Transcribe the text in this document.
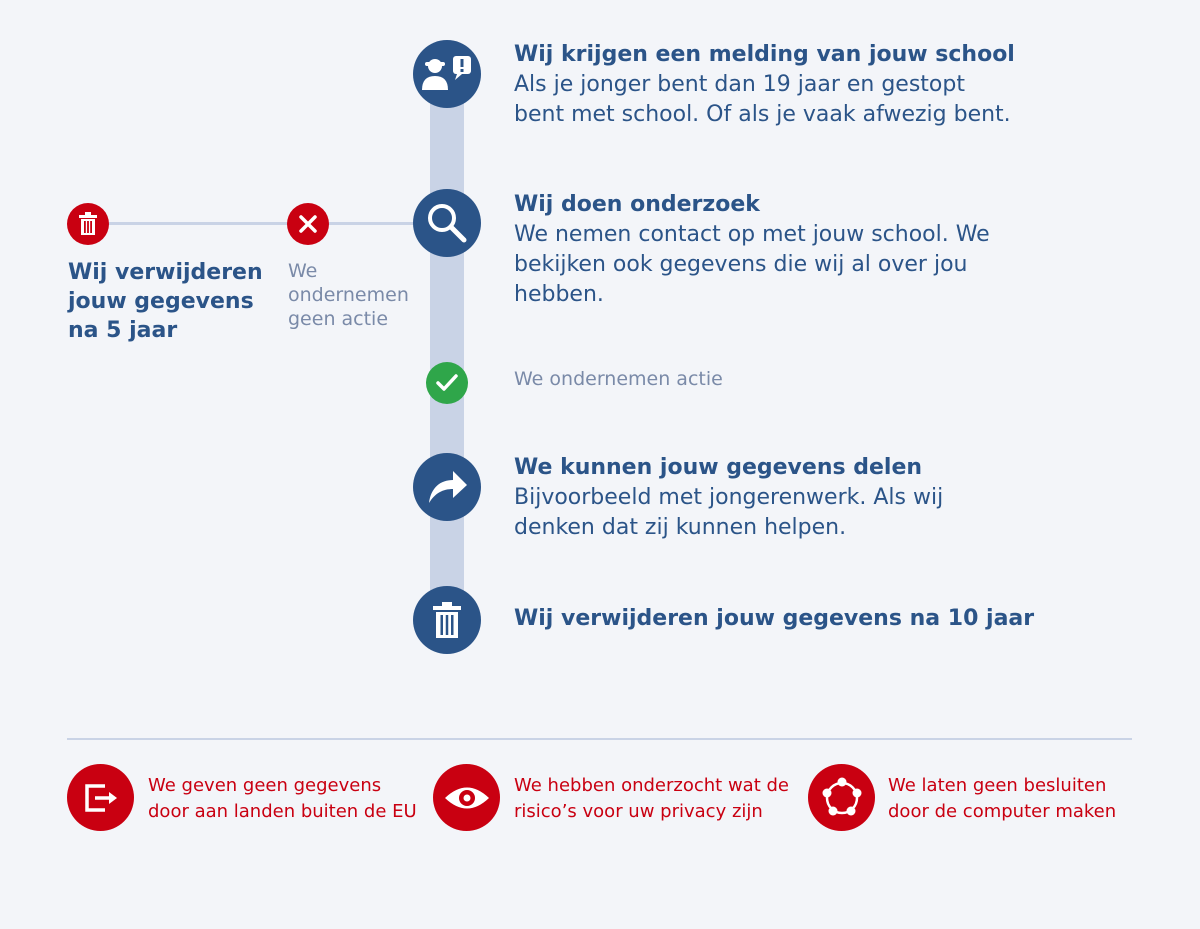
Wij krijgen een melding van jouw school
Als je jonger bent dan 19 jaar en gestopt
bent met school. Of als je vaak afwezig bent.
Wij doen onderzoek
We nemen contact op met jouw school. We
bekijken ook gegevens die wij al over jou
hebben.
We
ondernemen
geen actie
Wij verwijderen
jouw gegevens
na 5 jaar
We ondernemen actie
We kunnen jouw gegevens delen
Bijvoorbeeld met jongerenwerk. Als wij
denken dat zij kunnen helpen.
Wij verwijderen jouw gegevens na 10 jaar
We geven geen gegevens
door aan landen buiten de EU
We hebben onderzocht wat de
risico’s voor uw privacy zijn
We laten geen besluiten
door de computer maken
